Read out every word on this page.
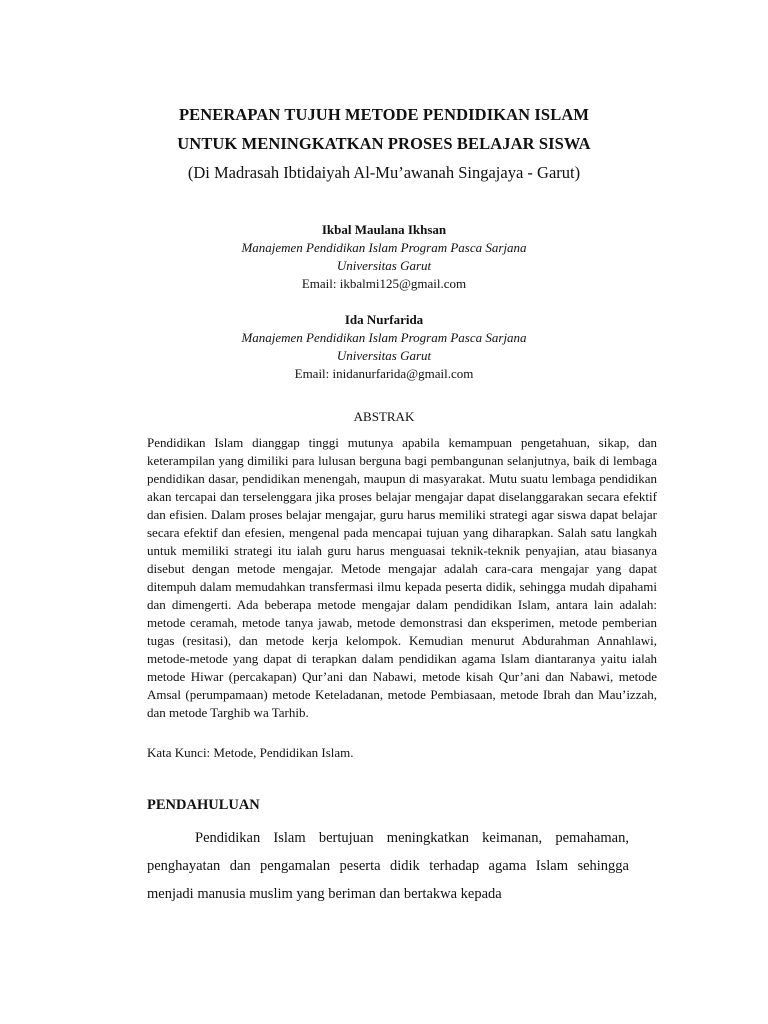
PENERAPAN TUJUH METODE PENDIDIKAN ISLAM

UNTUK MENINGKATKAN PROSES BELAJAR SISWA

(Di Madrasah Ibtidaiyah Al-Mu’awanah Singajaya - Garut)

Ikbal Maulana Ikhsan
Manajemen Pendidikan Islam Program Pasca Sarjana
Universitas Garut
Email: ikbalmi125@gmail.com
Ida Nurfarida
Manajemen Pendidikan Islam Program Pasca Sarjana
Universitas Garut
Email: inidanurfarida@gmail.com
ABSTRAK
Pendidikan Islam dianggap tinggi mutunya apabila kemampuan pengetahuan, sikap, dan keterampilan yang dimiliki para lulusan berguna bagi pembangunan selanjutnya, baik di lembaga pendidikan dasar, pendidikan menengah, maupun di masyarakat. Mutu suatu lembaga pendidikan akan tercapai dan terselenggara jika proses belajar mengajar dapat diselanggarakan secara efektif dan efisien. Dalam proses belajar mengajar, guru harus memiliki strategi agar siswa dapat belajar secara efektif dan efesien, mengenal pada mencapai tujuan yang diharapkan. Salah satu langkah untuk memiliki strategi itu ialah guru harus menguasai teknik-teknik penyajian, atau biasanya disebut dengan metode mengajar. Metode mengajar adalah cara-cara mengajar yang dapat ditempuh dalam memudahkan transfermasi ilmu kepada peserta didik, sehingga mudah dipahami dan dimengerti. Ada beberapa metode mengajar dalam pendidikan Islam, antara lain adalah: metode ceramah, metode tanya jawab, metode demonstrasi dan eksperimen, metode pemberian tugas (resitasi), dan metode kerja kelompok. Kemudian menurut Abdurahman Annahlawi, metode-metode yang dapat di terapkan dalam pendidikan agama Islam diantaranya yaitu ialah metode Hiwar (percakapan) Qur’ani dan Nabawi, metode kisah Qur’ani dan Nabawi, metode Amsal (perumpamaan) metode Keteladanan, metode Pembiasaan, metode Ibrah dan Mau’izzah, dan metode Targhib wa Tarhib.
Kata Kunci: Metode, Pendidikan Islam.
PENDAHULUAN
Pendidikan Islam bertujuan meningkatkan keimanan, pemahaman, penghayatan dan pengamalan peserta didik terhadap agama Islam sehingga menjadi manusia muslim yang beriman dan bertakwa kepada
